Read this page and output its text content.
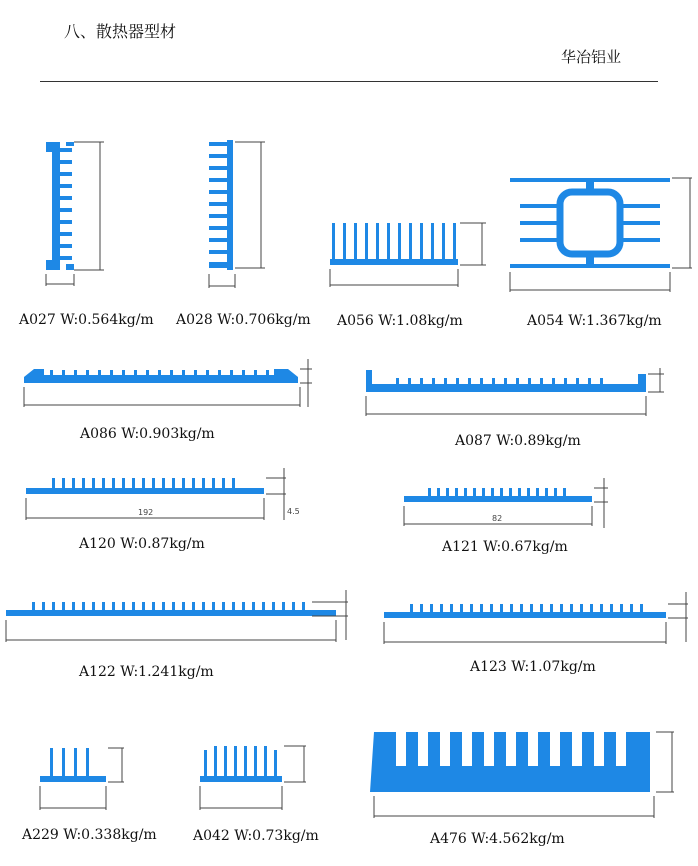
八、散热器型材
华冶铝业
A027 W:0.564kg/m A028 W:0.706kg/m A056 W:1.08kg/m	A054 W:1.367kg/m
A086 W:0.903kg/m	A087 W:0.89kg/m
192	4.5
A120 W:0.87kg/m
82
A121 W:0.67kg/m
A122 W:1.241kg/m	A123 W:1.07kg/m
A229 W:0.338kg/m	A042 W:0.73kg/m	A476 W:4.562kg/m
